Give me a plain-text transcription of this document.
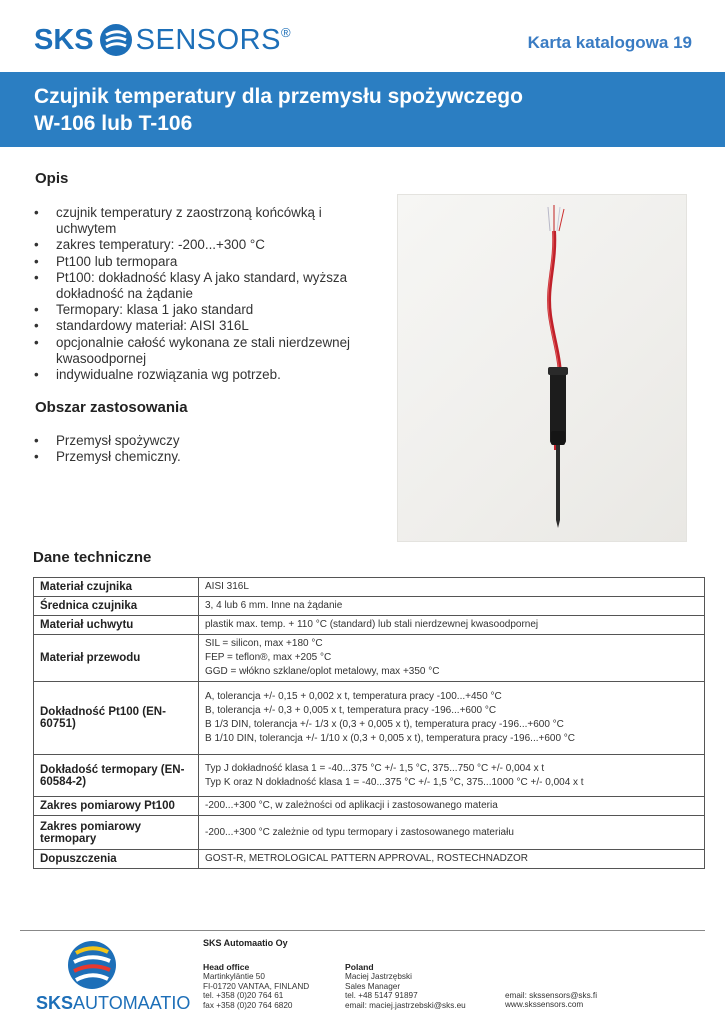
SKS SENSORS ®
Karta katalogowa 19
Czujnik temperatury dla przemysłu spożywczego
W-106 lub T-106
Opis
• czujnik temperatury z zaostrzoną końcówką i uchwytem
• zakres temperatury: -200...+300 °C
• Pt100 lub termopara
• Pt100: dokładność klasy A jako standard, wyższa dokładność na żądanie
• Termopary: klasa 1 jako standard
• standardowy materiał: AISI 316L
• opcjonalnie całość wykonana ze stali nierdzewnej kwasoodpornej
• indywidualne rozwiązania wg potrzeb.
Obszar zastosowania
• Przemysł spożywczy
• Przemysł chemiczny.
Dane techniczne
Materiał czujnika	AISI 316L

Średnica czujnika	3, 4 lub 6 mm. Inne na żądanie

Materiał uchwytu	plastik max. temp. + 110 °C (standard) lub stali nierdzewnej kwasoodpornej

Materiał przewodu	SIL = silicon, max +180 °C
FEP = teflon®, max +205 °C
GGD = włókno szklane/oplot metalowy, max +350 °C

Dokładność Pt100 (EN-60751)	A, tolerancja +/- 0,15 + 0,002 x t, temperatura pracy -100...+450 °C
B, tolerancja +/- 0,3 + 0,005 x t, temperatura pracy -196...+600 °C
B 1/3 DIN, tolerancja +/- 1/3 x (0,3 + 0,005 x t), temperatura pracy -196...+600 °C
B 1/10 DIN, tolerancja +/- 1/10 x (0,3 + 0,005 x t), temperatura pracy -196...+600 °C

Dokładość termopary (EN-60584-2)	Typ J dokładność klasa 1 = -40...375 °C +/- 1,5 °C, 375...750 °C +/- 0,004 x t
Typ K oraz N dokładność klasa 1 = -40...375 °C +/- 1,5 °C, 375...1000 °C +/- 0,004 x t

Zakres pomiarowy Pt100	-200...+300 °C, w zależności od aplikacji i zastosowanego materia

Zakres pomiarowy termopary	-200...+300 °C zależnie od typu termopary i zastosowanego materiału

Dopuszczenia	GOST-R, METROLOGICAL PATTERN APPROVAL, ROSTECHNADZOR
SKSAUTOMAATIO
SKS Automaatio Oy
Head office
Martinkyläntie 50
FI-01720 VANTAA, FINLAND
tel. +358 (0)20 764 61
fax +358 (0)20 764 6820
Poland
Maciej Jastrzębski
Sales Manager
tel. +48 5147 91897
email: maciej.jastrzebski@sks.eu
email: skssensors@sks.fi
www.skssensors.com
